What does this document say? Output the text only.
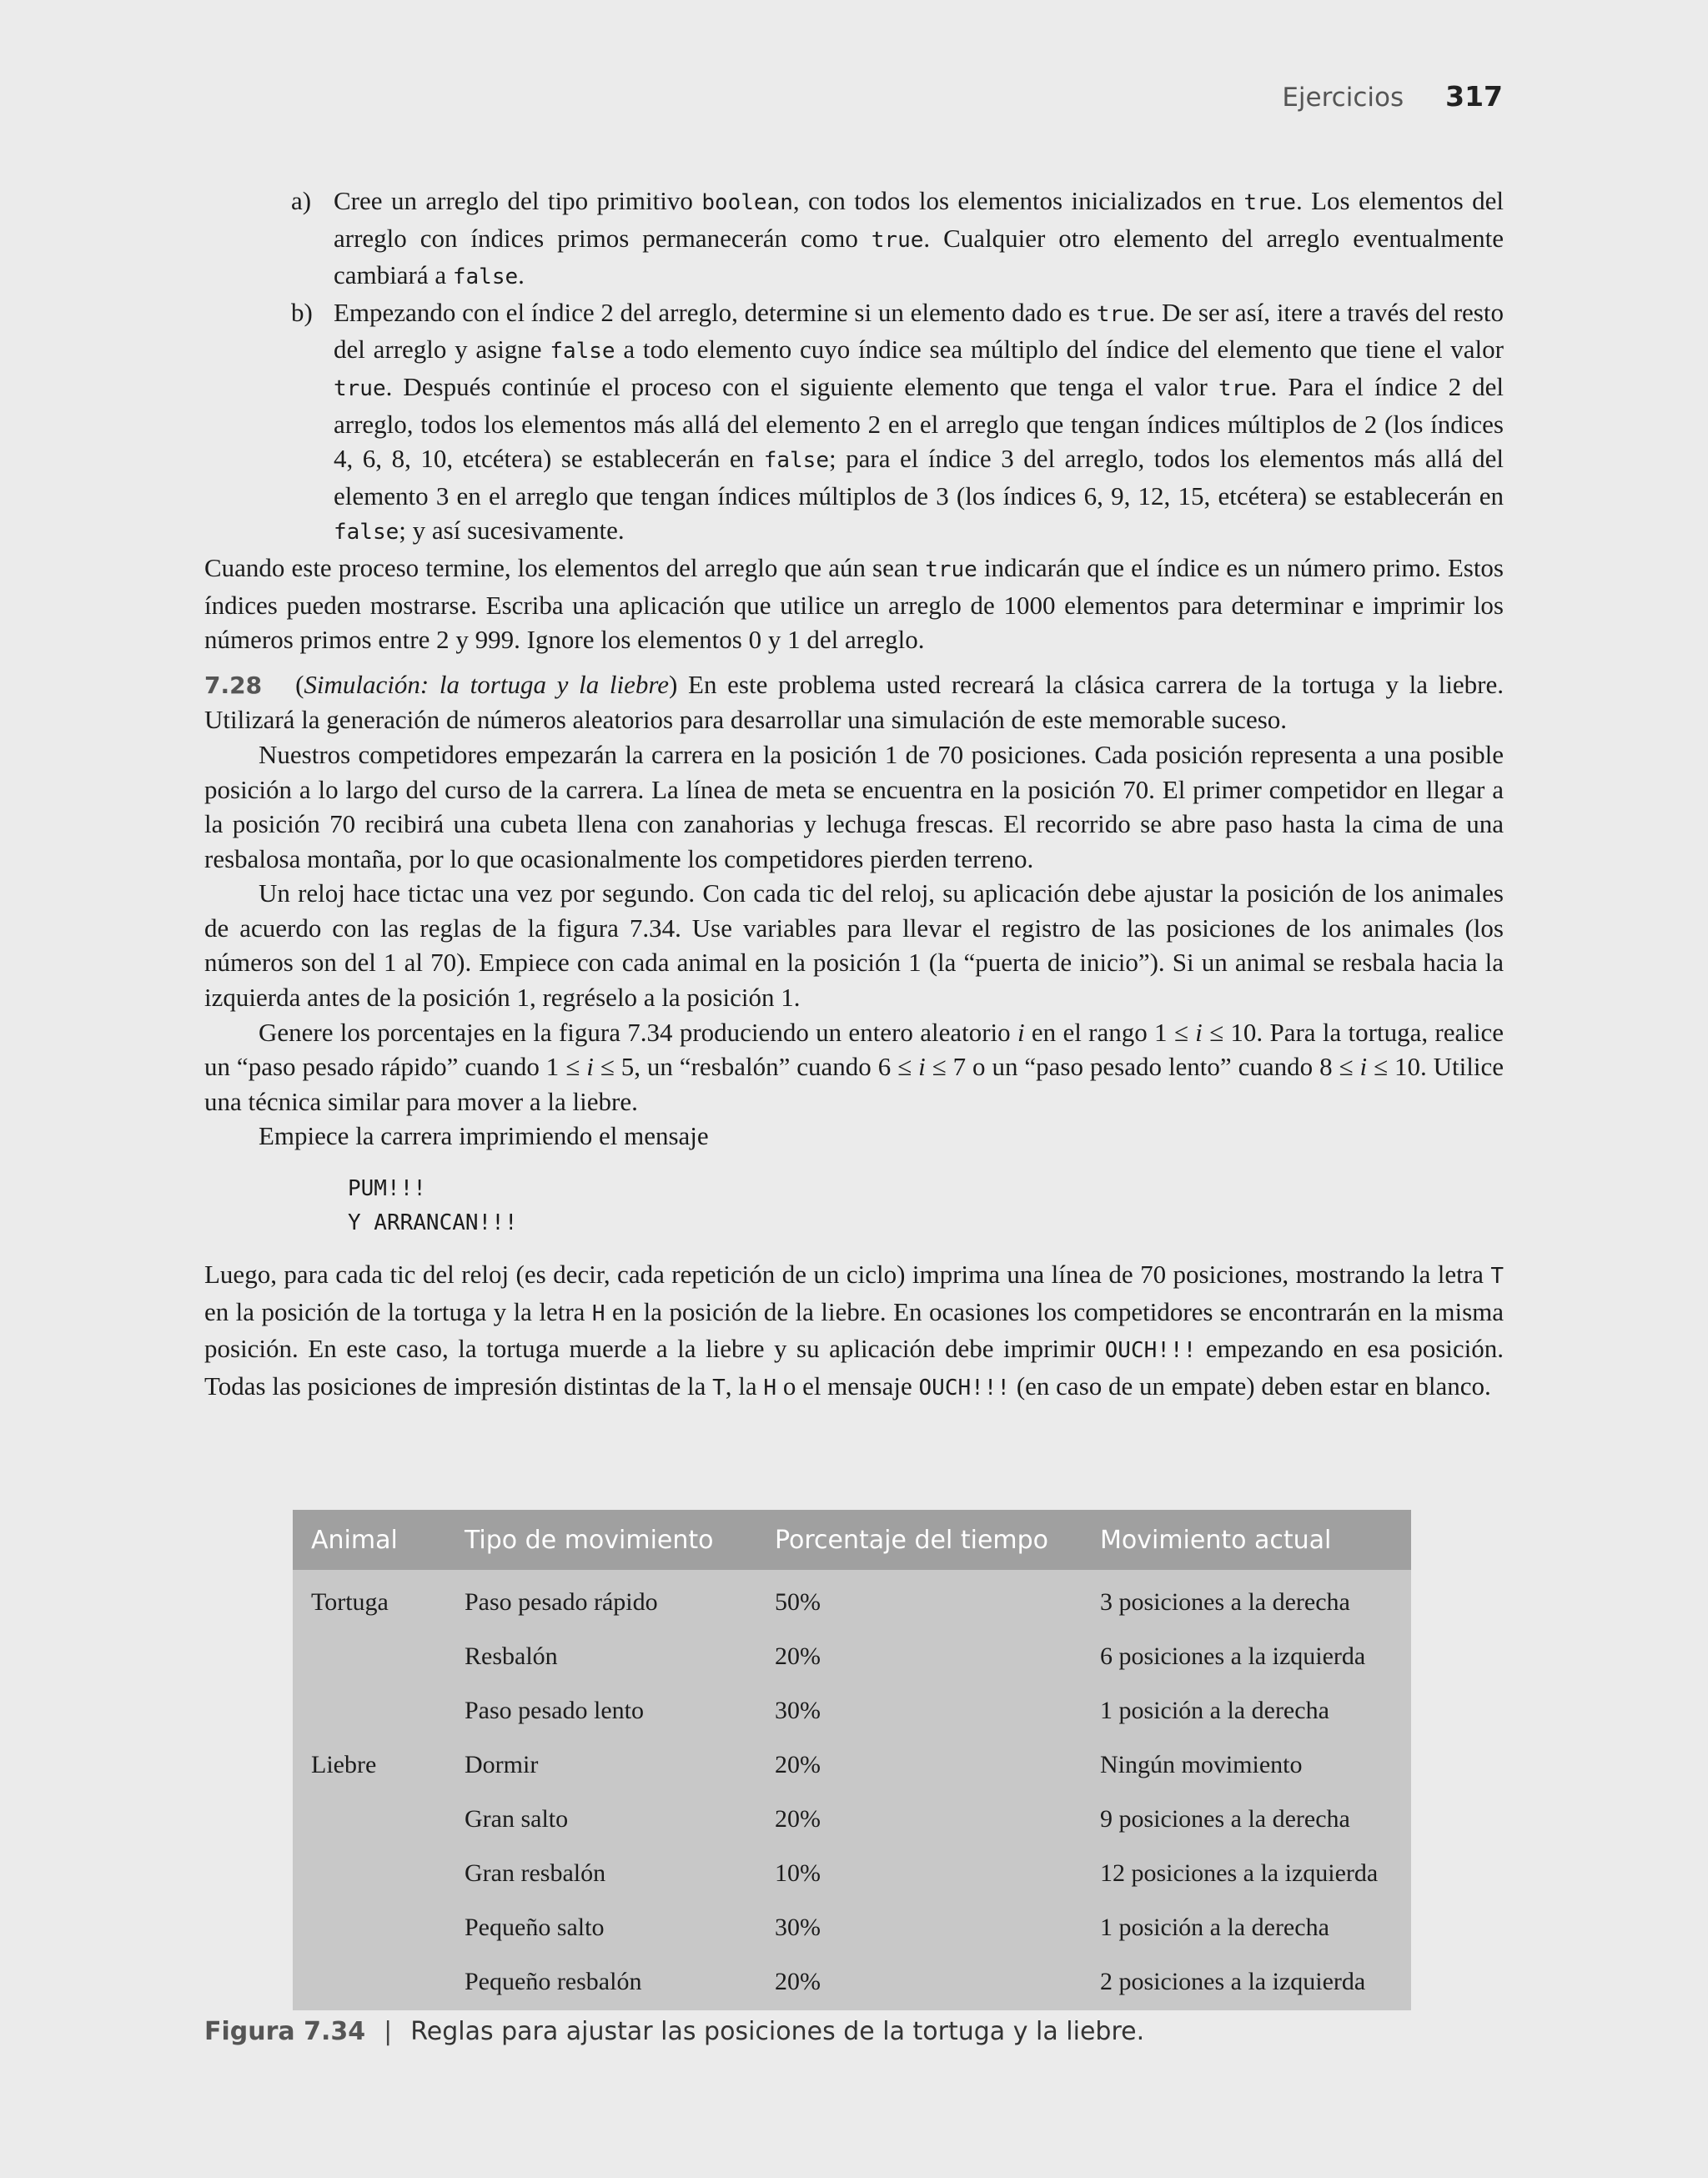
Ejercicios 317

a) Cree un arreglo del tipo primitivo boolean, con todos los elementos inicializados en true. Los elementos del arreglo con índices primos permanecerán como true. Cualquier otro elemento del arreglo eventualmente cambiará a false.

b) Empezando con el índice 2 del arreglo, determine si un elemento dado es true. De ser así, itere a través del resto del arreglo y asigne false a todo elemento cuyo índice sea múltiplo del índice del elemento que tiene el valor true. Después continúe el proceso con el siguiente elemento que tenga el valor true. Para el índice 2 del arreglo, todos los elementos más allá del elemento 2 en el arreglo que tengan índices múltiplos de 2 (los índices 4, 6, 8, 10, etcétera) se establecerán en false; para el índice 3 del arreglo, todos los elementos más allá del elemento 3 en el arreglo que tengan índices múltiplos de 3 (los índices 6, 9, 12, 15, etcétera) se establecerán en false; y así sucesivamente.

Cuando este proceso termine, los elementos del arreglo que aún sean true indicarán que el índice es un número primo. Estos índices pueden mostrarse. Escriba una aplicación que utilice un arreglo de 1000 elementos para determinar e imprimir los números primos entre 2 y 999. Ignore los elementos 0 y 1 del arreglo.

7.28 (Simulación: la tortuga y la liebre) En este problema usted recreará la clásica carrera de la tortuga y la liebre. Utilizará la generación de números aleatorios para desarrollar una simulación de este memorable suceso.

Nuestros competidores empezarán la carrera en la posición 1 de 70 posiciones. Cada posición representa a una posible posición a lo largo del curso de la carrera. La línea de meta se encuentra en la posición 70. El primer competidor en llegar a la posición 70 recibirá una cubeta llena con zanahorias y lechuga frescas. El recorrido se abre paso hasta la cima de una resbalosa montaña, por lo que ocasionalmente los competidores pierden terreno.

Un reloj hace tictac una vez por segundo. Con cada tic del reloj, su aplicación debe ajustar la posición de los animales de acuerdo con las reglas de la figura 7.34. Use variables para llevar el registro de las posiciones de los animales (los números son del 1 al 70). Empiece con cada animal en la posición 1 (la “puerta de inicio”). Si un animal se resbala hacia la izquierda antes de la posición 1, regréselo a la posición 1.

Genere los porcentajes en la figura 7.34 produciendo un entero aleatorio i en el rango 1 ≤ i ≤ 10. Para la tortuga, realice un “paso pesado rápido” cuando 1 ≤ i ≤ 5, un “resbalón” cuando 6 ≤ i ≤ 7 o un “paso pesado lento” cuando 8 ≤ i ≤ 10. Utilice una técnica similar para mover a la liebre.

Empiece la carrera imprimiendo el mensaje

PUM!!!
Y ARRANCAN!!!

Luego, para cada tic del reloj (es decir, cada repetición de un ciclo) imprima una línea de 70 posiciones, mostrando la letra T en la posición de la tortuga y la letra H en la posición de la liebre. En ocasiones los competidores se encontrarán en la misma posición. En este caso, la tortuga muerde a la liebre y su aplicación debe imprimir OUCH!!! empezando en esa posición. Todas las posiciones de impresión distintas de la T, la H o el mensaje OUCH!!! (en caso de un empate) deben estar en blanco.

Animal	Tipo de movimiento	Porcentaje del tiempo	Movimiento actual
Tortuga	Paso pesado rápido	50%	3 posiciones a la derecha
	Resbalón	20%	6 posiciones a la izquierda
	Paso pesado lento	30%	1 posición a la derecha
Liebre	Dormir	20%	Ningún movimiento
	Gran salto	20%	9 posiciones a la derecha
	Gran resbalón	10%	12 posiciones a la izquierda
	Pequeño salto	30%	1 posición a la derecha
	Pequeño resbalón	20%	2 posiciones a la izquierda
Figura 7.34 | Reglas para ajustar las posiciones de la tortuga y la liebre.
